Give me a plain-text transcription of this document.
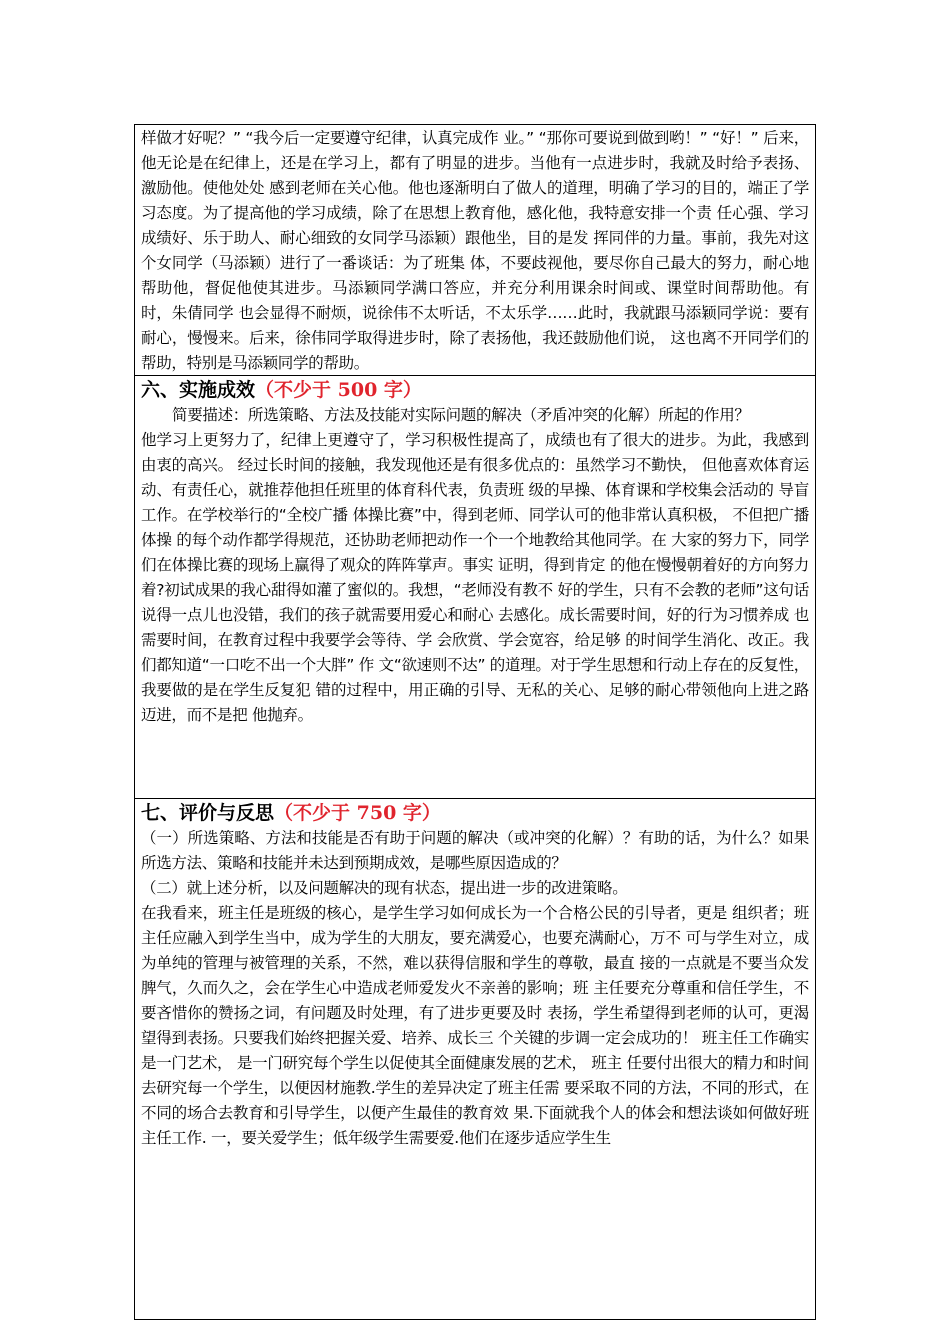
样做才好呢？” “我今后一定要遵守纪律，认真完成作 业。” “那你可要说到做到哟！” “好！” 后来，他无论是在纪律上，还是在学习上，都有了明显的进步。当他有一点进步时，我就及时给予表扬、激励他。使他处处 感到老师在关心他。他也逐渐明白了做人的道理，明确了学习的目的，端正了学 习态度。为了提高他的学习成绩，除了在思想上教育他，感化他，我特意安排一个责 任心强、学习成绩好、乐于助人、耐心细致的女同学马添颖）跟他坐，目的是发 挥同伴的力量。事前，我先对这个女同学（马添颖）进行了一番谈话：为了班集 体，不要歧视他，要尽你自己最大的努力，耐心地帮助他，督促他使其进步。马添颖同学满口答应，并充分利用课余时间或、课堂时间帮助他。有时，朱倩同学 也会显得不耐烦，说徐伟不太听话，不太乐学……此时，我就跟马添颖同学说：要有耐心，慢慢来。后来，徐伟同学取得进步时，除了表扬他，我还鼓励他们说， 这也离不开同学们的帮助，特别是马添颖同学的帮助。

六、实施成效（不少于 500 字）

简要描述：所选策略、方法及技能对实际问题的解决（矛盾冲突的化解）所起的作用？

他学习上更努力了，纪律上更遵守了，学习积极性提高了，成绩也有了很大的进步。为此，我感到由衷的高兴。 经过长时间的接触，我发现他还是有很多优点的：虽然学习不勤快， 但他喜欢体育运动、有责任心，就推荐他担任班里的体育科代表，负责班 级的早操、体育课和学校集会活动的 导盲工作。在学校举行的“全校广播 体操比赛”中，得到老师、同学认可的他非常认真积极， 不但把广播体操 的每个动作都学得规范，还协助老师把动作一个一个地教给其他同学。在 大家的努力下，同学们在体操比赛的现场上赢得了观众的阵阵掌声。事实 证明，得到肯定 的他在慢慢朝着好的方向努力着?初试成果的我心甜得如灌了蜜似的。我想，“老师没有教不 好的学生，只有不会教的老师”这句话说得一点儿也没错，我们的孩子就需要用爱心和耐心 去感化。成长需要时间，好的行为习惯养成 也需要时间，在教育过程中我要学会等待、学 会欣赏、学会宽容，给足够 的时间学生消化、改正。我们都知道“一口吃不出一个大胖” 作 文“欲速则不达” 的道理。对于学生思想和行动上存在的反复性，我要做的是在学生反复犯 错的过程中，用正确的引导、无私的关心、足够的耐心带领他向上进之路 迈进，而不是把 他抛弃。

七、评价与反思（不少于 750 字）

（一）所选策略、方法和技能是否有助于问题的解决（或冲突的化解）？有助的话，为什么？如果所选方法、策略和技能并未达到预期成效，是哪些原因造成的？

（二）就上述分析，以及问题解决的现有状态，提出进一步的改进策略。

在我看来，班主任是班级的核心，是学生学习如何成长为一个合格公民的引导者，更是 组织者；班主任应融入到学生当中，成为学生的大朋友，要充满爱心，也要充满耐心，万不 可与学生对立，成为单纯的管理与被管理的关系，不然，难以获得信服和学生的尊敬，最直 接的一点就是不要当众发脾气，久而久之，会在学生心中造成老师爱发火不亲善的影响；班 主任要充分尊重和信任学生，不要吝惜你的赞扬之词，有问题及时处理，有了进步更要及时 表扬，学生希望得到老师的认可，更渴望得到表扬。只要我们始终把握关爱、培养、成长三 个关键的步调一定会成功的！ 班主任工作确实是一门艺术， 是一门研究每个学生以促使其全面健康发展的艺术， 班主 任要付出很大的精力和时间去研究每一个学生，以便因材施教.学生的差异决定了班主任需 要采取不同的方法，不同的形式，在不同的场合去教育和引导学生，以便产生最佳的教育效 果.下面就我个人的体会和想法谈如何做好班主任工作. 一，要关爱学生；低年级学生需要爱.他们在逐步适应学生生
